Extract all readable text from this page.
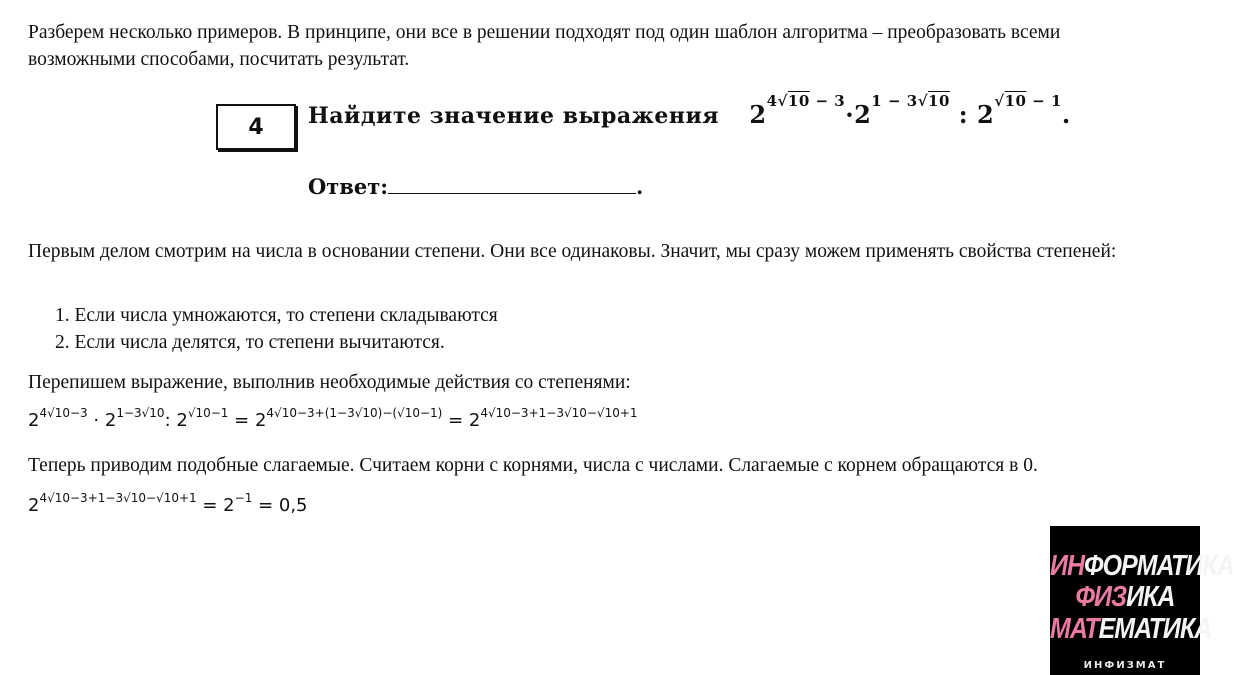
Разберем несколько примеров. В принципе, они все в решении подходят под один шаблон алгоритма – преобразовать всеми возможными способами, посчитать результат.
4 Найдите значение выражения $2^{4√10 - 3}\cdot 2^{1 - 3√10}$ : $2^{√10 - 1}$.
Ответ:	.
Первым делом смотрим на числа в основании степени. Они все одинаковы. Значит, мы сразу можем применять свойства степеней:
1. Если числа умножаются, то степени складываются
2. Если числа делятся, то степени вычитаются.
Перепишем выражение, выполнив необходимые действия со степенями:
$2^{4√10-3} \cdot 2^{1-3√10}$: $2^{√10-1} = 2^{4√10-3+(1-3√10)-(√10-1)} = 2^{4√10-3+1-3√10-√10+1}$
Теперь приводим подобные слагаемые. Считаем корни с корнями, числа с числами. Слагаемые с корнем обращаются в 0.
$2^{4√10-3+1-3√10-√10+1} = 2^{-1} = 0,5$
ИНФОРМАТИКА
ФИЗИКА
МАТЕМАТИКА
ИНФИЗМАТ
